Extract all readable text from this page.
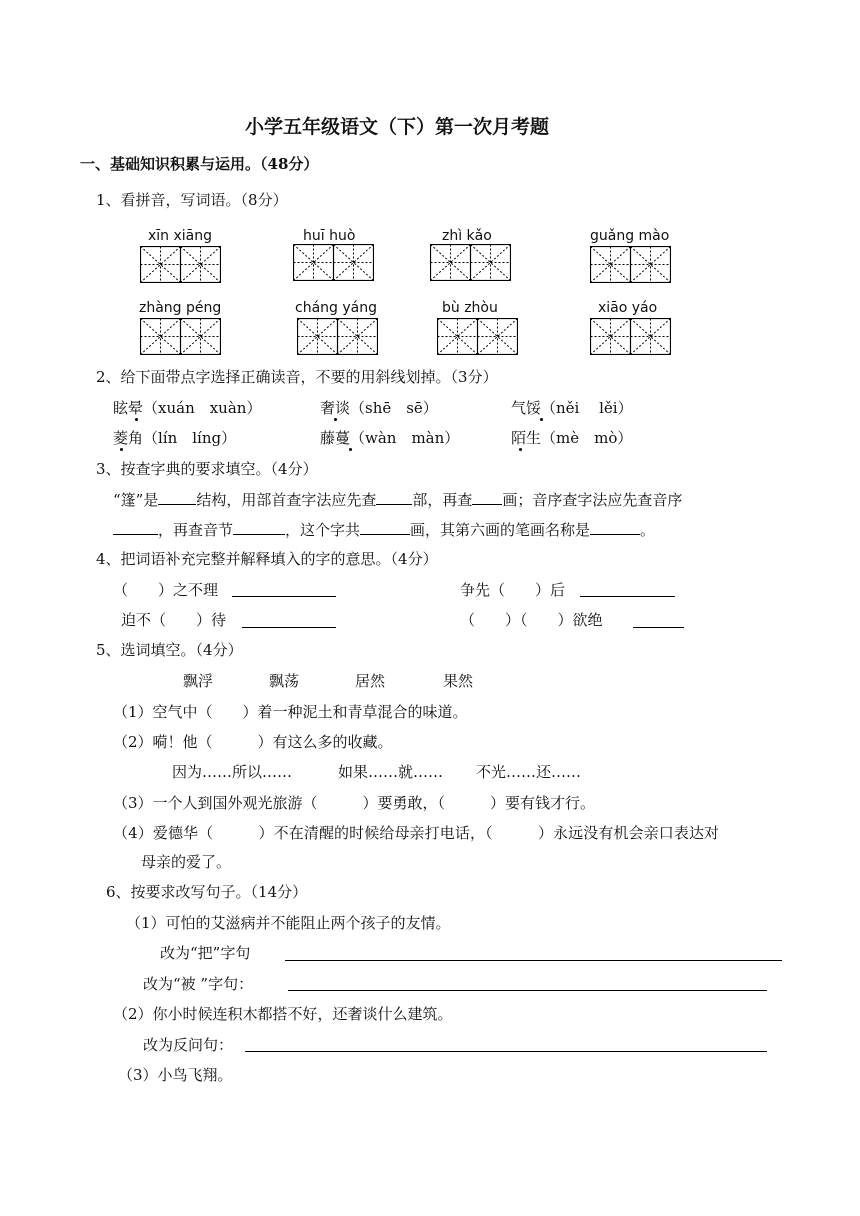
小学五年级语文（下）第一次月考题
一、基础知识积累与运用。（48分）
1、看拼音，写词语。（8分）
xīn xiāng	huī huò	zhì kǎo	guǎng mào
zhàng péng	cháng yáng	bù zhòu	xiāo yáo
2、给下面带点字选择正确读音，不要的用斜线划掉。（3分）
眩晕（xuán　xuàn）	奢谈（shē　sē）	气馁（něi　 lěi）
菱角（lín　líng）	藤蔓（wàn　màn）	陌生（mè　mò）
3、按查字典的要求填空。（4分）
“篷”是	结构，用部首查字法应先查 部，再查 画；音序查字法应先查音序
，再查音节	，这个字共	画，其第六画的笔画名称是	。
4、把词语补充完整并解释填入的字的意思。（4分）
（　　）之不理	争先（　　）后
迫不（　　）待	（　　）（　　）欲绝
5、选词填空。（4分）
飘浮	飘荡	居然	果然
（1）空气中（　　）着一种泥土和青草混合的味道。
（2）嗬！他（　　　）有这么多的收藏。
因为……所以……	如果……就…… 不光……还……
（3）一个人到国外观光旅游（　　　）要勇敢，（　　　）要有钱才行。
（4）爱德华（　　　）不在清醒的时候给母亲打电话，（　　　）永远没有机会亲口表达对
母亲的爱了。
6、按要求改写句子。（14分）
（1）可怕的艾滋病并不能阻止两个孩子的友情。
改为“把”字句
改为“被 ”字句：
（2）你小时候连积木都搭不好，还奢谈什么建筑。
改为反问句：
（3）小鸟飞翔。
